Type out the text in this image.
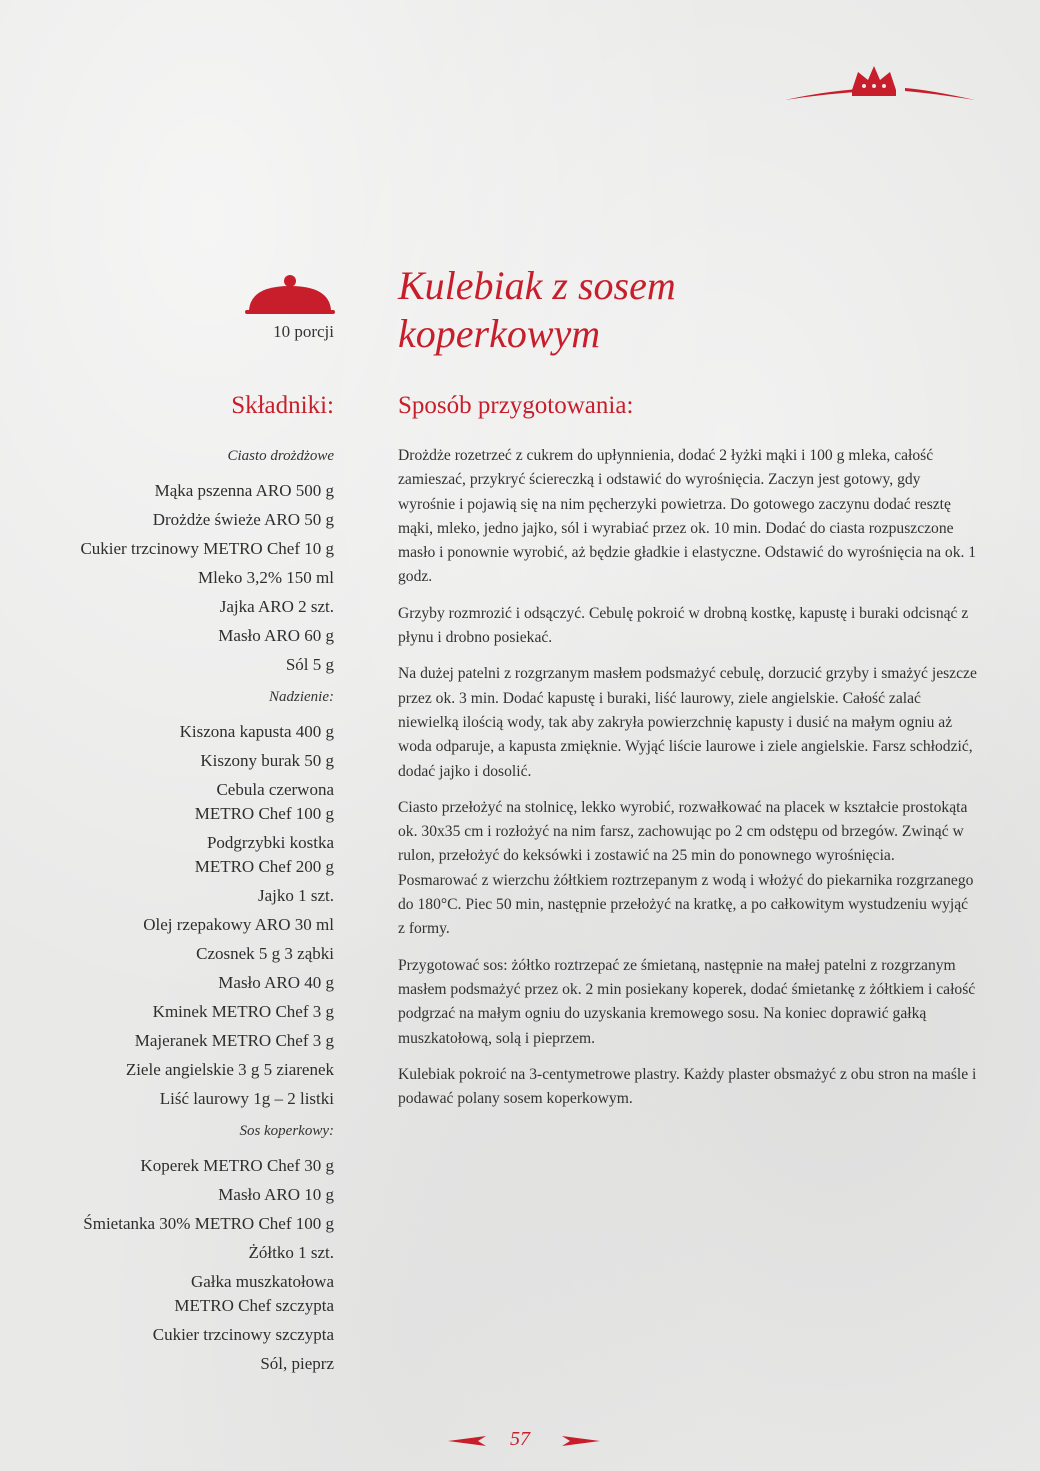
10 porcji
Kulebiak z sosem koperkowym
Składniki:	Sposób przygotowania:

Ciasto drożdżowe

Mąka pszenna ARO 500 g
Drożdże świeże ARO 50 g
Cukier trzcinowy METRO Chef 10 g
Mleko 3,2% 150 ml
Jajka ARO 2 szt.
Masło ARO 60 g
Sól 5 g

Nadzienie:

Kiszona kapusta 400 g
Kiszony burak 50 g
Cebula czerwona METRO Chef 100 g
Podgrzybki kostka METRO Chef 200 g
Jajko 1 szt.
Olej rzepakowy ARO 30 ml
Czosnek 5 g 3 ząbki
Masło ARO 40 g
Kminek METRO Chef 3 g
Majeranek METRO Chef 3 g
Ziele angielskie 3 g 5 ziarenek
Liść laurowy 1g – 2 listki

Sos koperkowy:

Koperek METRO Chef 30 g
Masło ARO 10 g
Śmietanka 30% METRO Chef 100 g
Żółtko 1 szt.
Gałka muszkatołowa METRO Chef szczypta
Cukier trzcinowy szczypta
Sól, pieprz

Drożdże rozetrzeć z cukrem do upłynnienia, dodać 2 łyżki mąki i 100 g mleka, całość zamieszać, przykryć ściereczką i odstawić do wyrośnięcia. Zaczyn jest gotowy, gdy wyrośnie i pojawią się na nim pęcherzyki powietrza. Do gotowego zaczynu dodać resztę mąki, mleko, jedno jajko, sól i wyrabiać przez ok. 10 min. Dodać do ciasta rozpuszczone masło i ponownie wyrobić, aż będzie gładkie i elastyczne. Odstawić do wyrośnięcia na ok. 1 godz.

Grzyby rozmrozić i odsączyć. Cebulę pokroić w drobną kostkę, kapustę i buraki odcisnąć z płynu i drobno posiekać.

Na dużej patelni z rozgrzanym masłem podsmażyć cebulę, dorzucić grzyby i smażyć jeszcze przez ok. 3 min. Dodać kapustę i buraki, liść laurowy, ziele angielskie. Całość zalać niewielką ilością wody, tak aby zakryła powierzchnię kapusty i dusić na małym ogniu aż woda odparuje, a kapusta zmięknie. Wyjąć liście laurowe i ziele angielskie. Farsz schłodzić, dodać jajko i dosolić.

Ciasto przełożyć na stolnicę, lekko wyrobić, rozwałkować na placek w kształcie prostokąta ok. 30x35 cm i rozłożyć na nim farsz, zachowując po 2 cm odstępu od brzegów. Zwinąć w rulon, przełożyć do keksówki i zostawić na 25 min do ponownego wyrośnięcia. Posmarować z wierzchu żółtkiem roztrzepanym z wodą i włożyć do piekarnika rozgrzanego do 180°C. Piec 50 min, następnie przełożyć na kratkę, a po całkowitym wystudzeniu wyjąć z formy.

Przygotować sos: żółtko roztrzepać ze śmietaną, następnie na małej patelni z rozgrzanym masłem podsmażyć przez ok. 2 min posiekany koperek, dodać śmietankę z żółtkiem i całość podgrzać na małym ogniu do uzyskania kremowego sosu. Na koniec doprawić gałką muszkatołową, solą i pieprzem.

Kulebiak pokroić na 3-centymetrowe plastry. Każdy plaster obsmażyć z obu stron na maśle i podawać polany sosem koperkowym.

57
